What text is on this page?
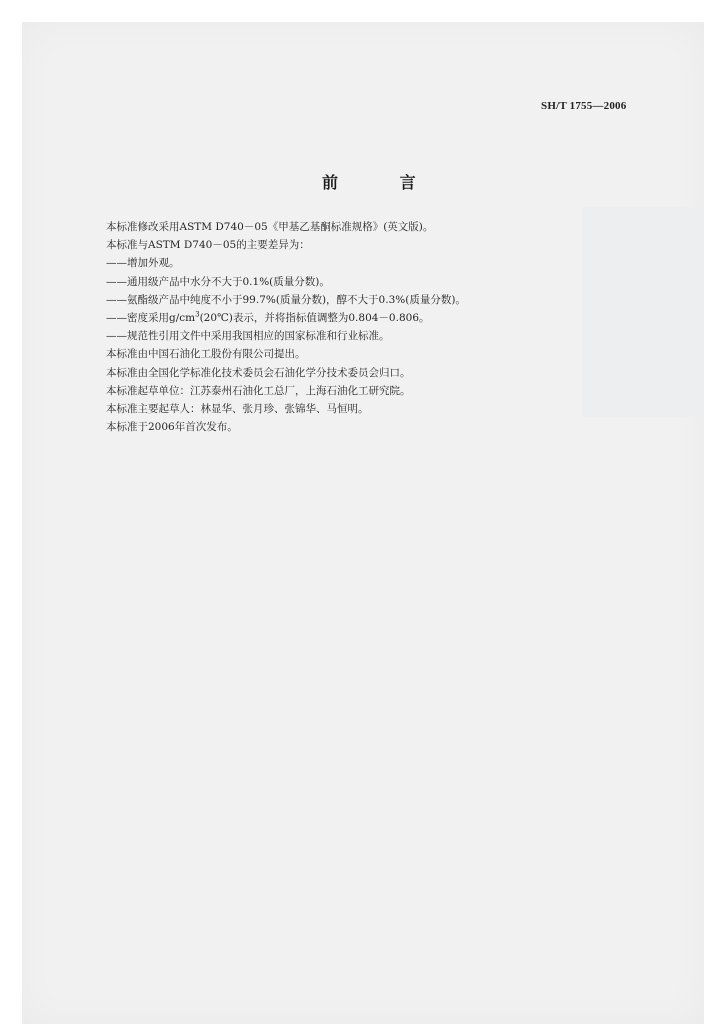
SH/T 1755—2006
前 言
本标准修改采用ASTM D740－05《甲基乙基酮标准规格》(英文版)。
本标准与ASTM D740－05的主要差异为：
——增加外观。
——通用级产品中水分不大于0.1%(质量分数)。
——氨酯级产品中纯度不小于99.7%(质量分数)，醇不大于0.3%(质量分数)。
——密度采用$g/cm^3(20℃)$表示，并将指标值调整为0.804－0.806。
——规范性引用文件中采用我国相应的国家标准和行业标准。
本标准由中国石油化工股份有限公司提出。
本标准由全国化学标准化技术委员会石油化学分技术委员会归口。
本标准起草单位：江苏泰州石油化工总厂，上海石油化工研究院。
本标准主要起草人：林显华、张月珍、张锦华、马恒明。
本标准于2006年首次发布。
